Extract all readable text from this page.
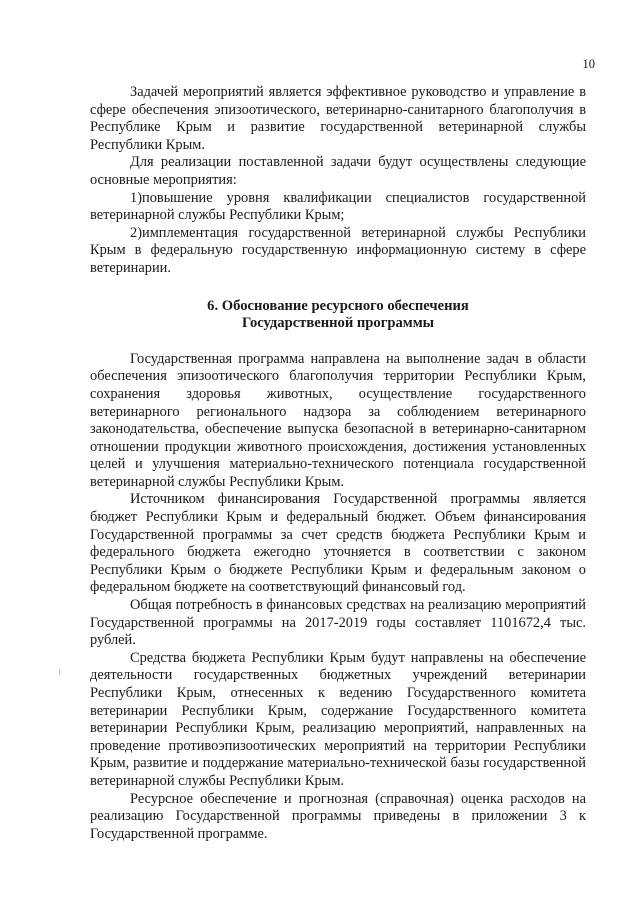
10

Задачей мероприятий является эффективное руководство и управление в сфере обеспечения эпизоотического, ветеринарно-санитарного благополучия в Республике Крым и развитие государственной ветеринарной службы Республики Крым.

Для реализации поставленной задачи будут осуществлены следующие основные мероприятия:

1)повышение уровня квалификации специалистов государственной ветеринарной службы Республики Крым;

2)имплементация государственной ветеринарной службы Республики Крым в федеральную государственную информационную систему в сфере ветеринарии.

6. Обоснование ресурсного обеспечения
Государственной программы

Государственная программа направлена на выполнение задач в области обеспечения эпизоотического благополучия территории Республики Крым, сохранения здоровья животных, осуществление государственного ветеринарного регионального надзора за соблюдением ветеринарного законодательства, обеспечение выпуска безопасной в ветеринарно-санитарном отношении продукции животного происхождения, достижения установленных целей и улучшения материально-технического потенциала государственной ветеринарной службы Республики Крым.

Источником финансирования Государственной программы является бюджет Республики Крым и федеральный бюджет. Объем финансирования Государственной программы за счет средств бюджета Республики Крым и федерального бюджета ежегодно уточняется в соответствии с законом Республики Крым о бюджете Республики Крым и федеральным законом о федеральном бюджете на соответствующий финансовый год.

Общая потребность в финансовых средствах на реализацию мероприятий Государственной программы на 2017-2019 годы составляет 1101672,4 тыс. рублей.

Средства бюджета Республики Крым будут направлены на обеспечение деятельности государственных бюджетных учреждений ветеринарии Республики Крым, отнесенных к ведению Государственного комитета ветеринарии Республики Крым, содержание Государственного комитета ветеринарии Республики Крым, реализацию мероприятий, направленных на проведение противоэпизоотических мероприятий на территории Республики Крым, развитие и поддержание материально-технической базы государственной ветеринарной службы Республики Крым.

Ресурсное обеспечение и прогнозная (справочная) оценка расходов на реализацию Государственной программы приведены в приложении 3 к Государственной программе.
